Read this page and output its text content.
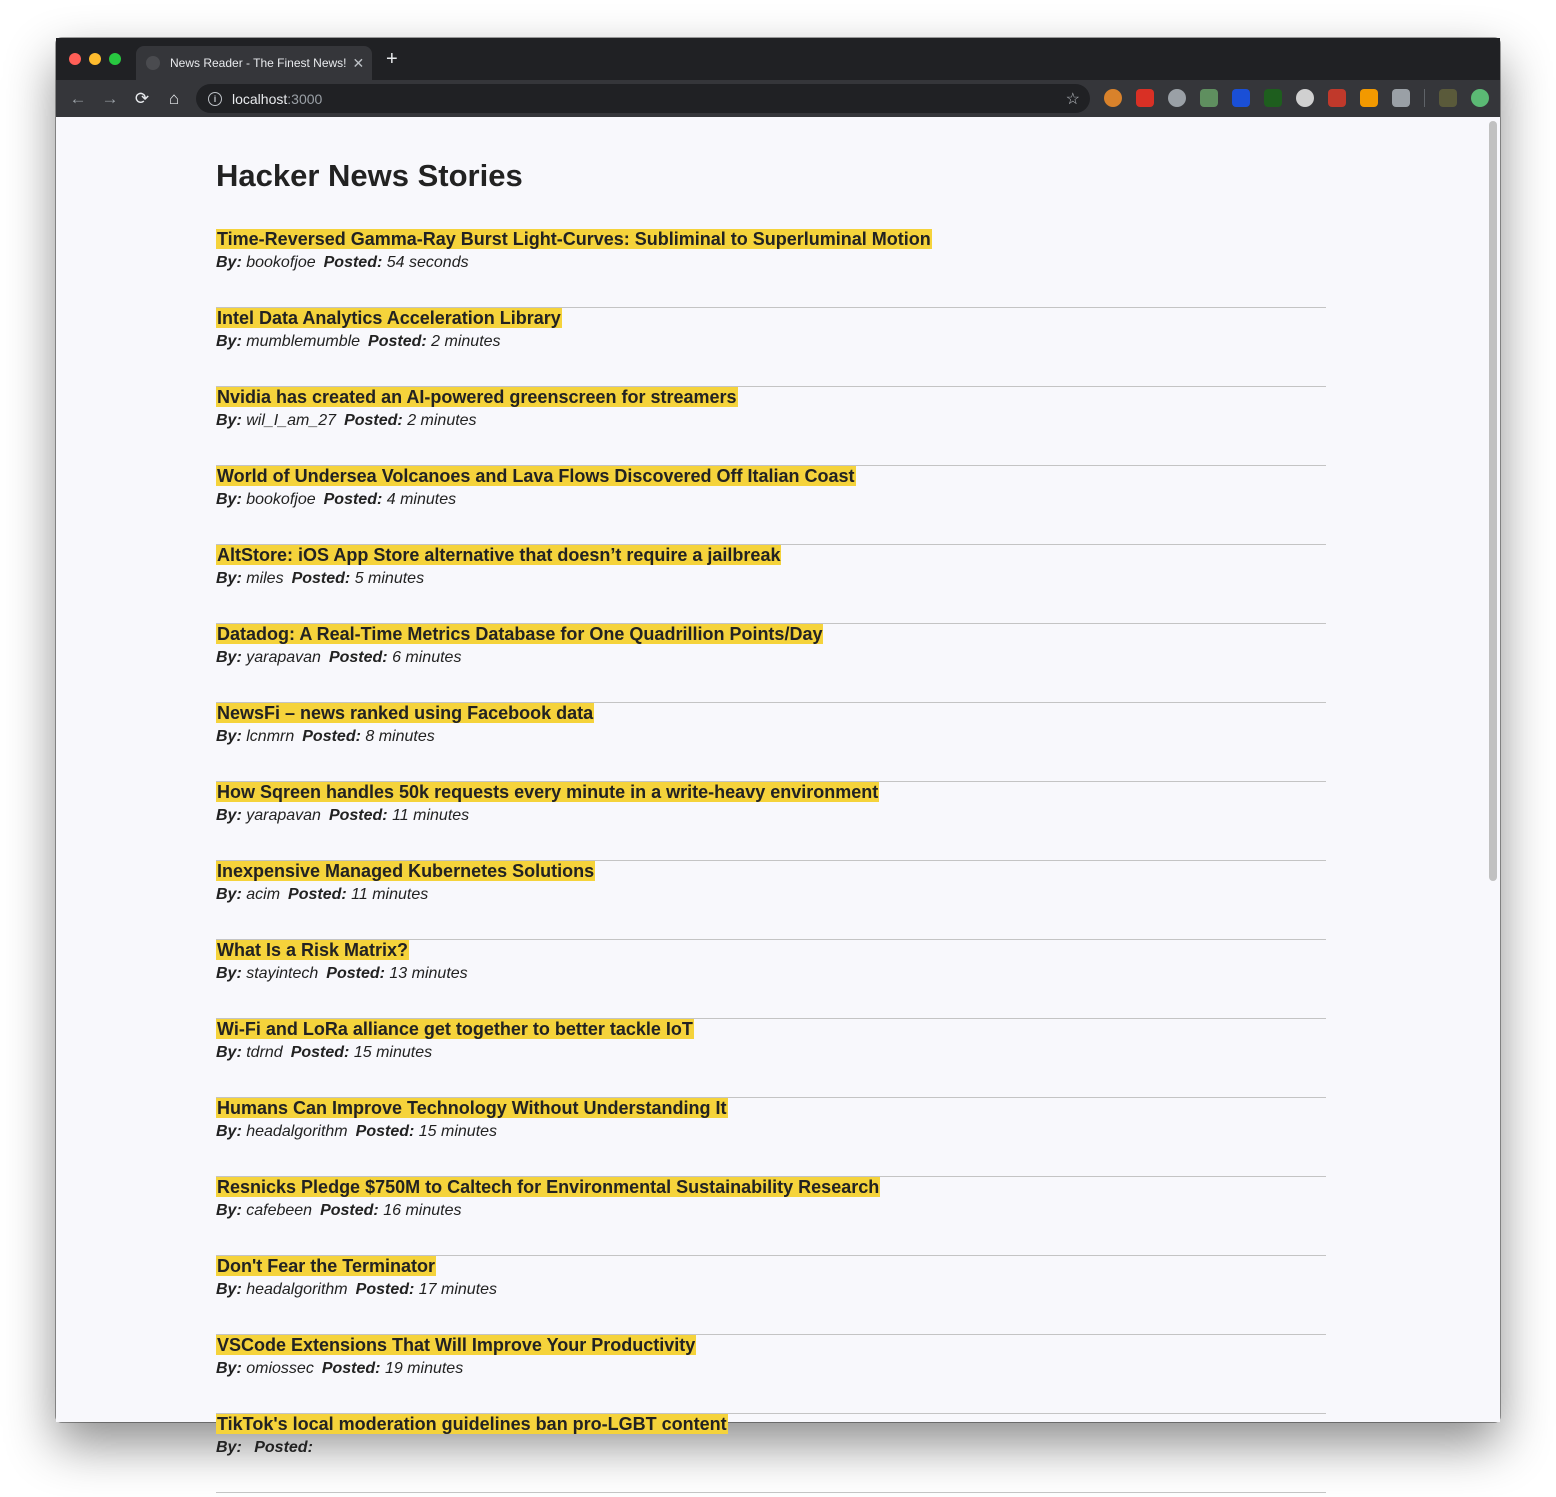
News Reader - The Finest News! ✕ +
← → ⟳	⌂	i	localhost :3000	☆
Hacker News Stories
Time-Reversed Gamma-Ray Burst Light-Curves: Subliminal to Superluminal Motion
By: bookofjoe Posted: 54 seconds
Intel Data Analytics Acceleration Library
By: mumblemumble Posted: 2 minutes
Nvidia has created an AI-powered greenscreen for streamers
By: wil_I_am_27 Posted: 2 minutes
World of Undersea Volcanoes and Lava Flows Discovered Off Italian Coast
By: bookofjoe Posted: 4 minutes
AltStore: iOS App Store alternative that doesn’t require a jailbreak
By: miles Posted: 5 minutes
Datadog: A Real-Time Metrics Database for One Quadrillion Points/Day
By: yarapavan Posted: 6 minutes
NewsFi – news ranked using Facebook data
By: lcnmrn Posted: 8 minutes
How Sqreen handles 50k requests every minute in a write-heavy environment
By: yarapavan Posted: 11 minutes
Inexpensive Managed Kubernetes Solutions
By: acim Posted: 11 minutes
What Is a Risk Matrix?
By: stayintech Posted: 13 minutes
Wi-Fi and LoRa alliance get together to better tackle IoT
By: tdrnd Posted: 15 minutes
Humans Can Improve Technology Without Understanding It
By: headalgorithm Posted: 15 minutes
Resnicks Pledge $750M to Caltech for Environmental Sustainability Research
By: cafebeen Posted: 16 minutes
Don't Fear the Terminator
By: headalgorithm Posted: 17 minutes
VSCode Extensions That Will Improve Your Productivity
By: omiossec Posted: 19 minutes
TikTok's local moderation guidelines ban pro-LGBT content
By: Posted:
